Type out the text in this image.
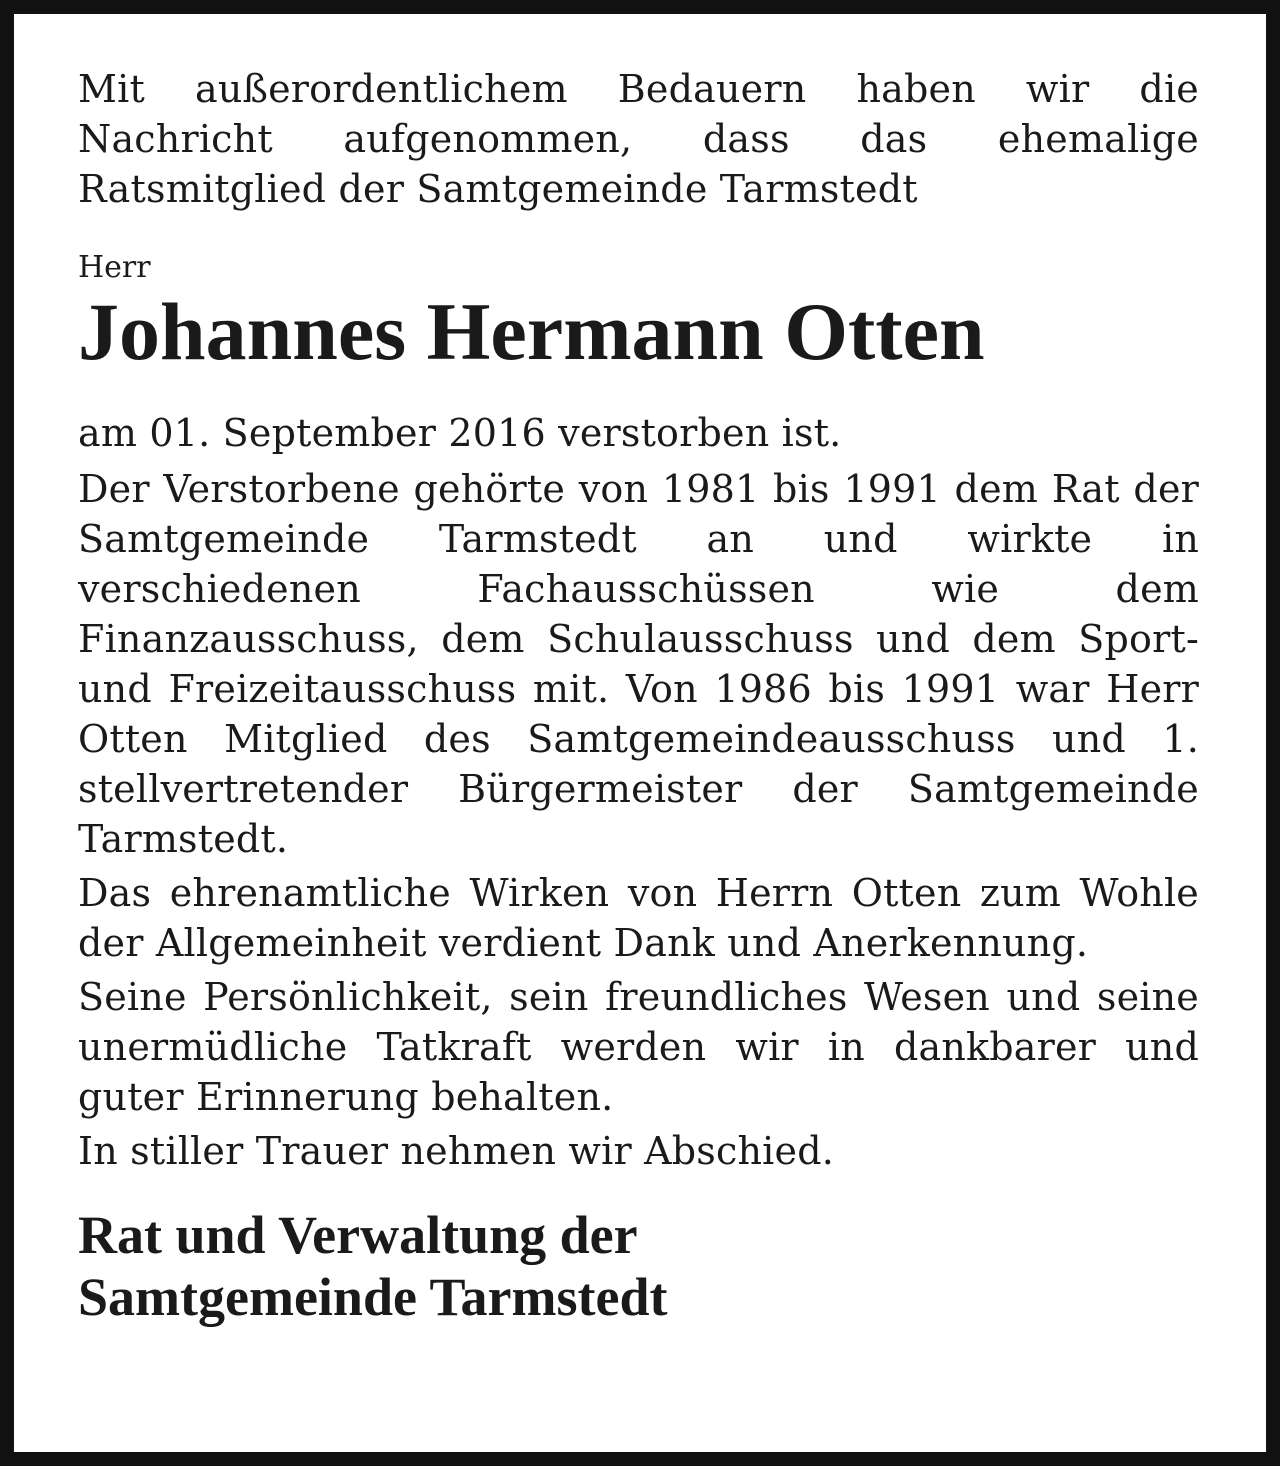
Mit außerordentlichem Bedauern haben wir die Nachricht aufgenommen, dass das ehemalige Ratsmitglied der Samtgemeinde Tarmstedt

Herr

Johannes Hermann Otten

am 01. September 2016 verstorben ist.

Der Verstorbene gehörte von 1981 bis 1991 dem Rat der Samtgemeinde Tarmstedt an und wirkte in verschiedenen Fachausschüssen wie dem Finanzausschuss, dem Schulausschuss und dem Sport- und Freizeitausschuss mit. Von 1986 bis 1991 war Herr Otten Mitglied des Samtgemeindeausschuss und 1. stellvertretender Bürgermeister der Samtgemeinde Tarmstedt.

Das ehrenamtliche Wirken von Herrn Otten zum Wohle der Allgemeinheit verdient Dank und Anerkennung.

Seine Persönlichkeit, sein freundliches Wesen und seine unermüdliche Tatkraft werden wir in dankbarer und guter Erinnerung behalten.

In stiller Trauer nehmen wir Abschied.

Rat und Verwaltung der
Samtgemeinde Tarmstedt
